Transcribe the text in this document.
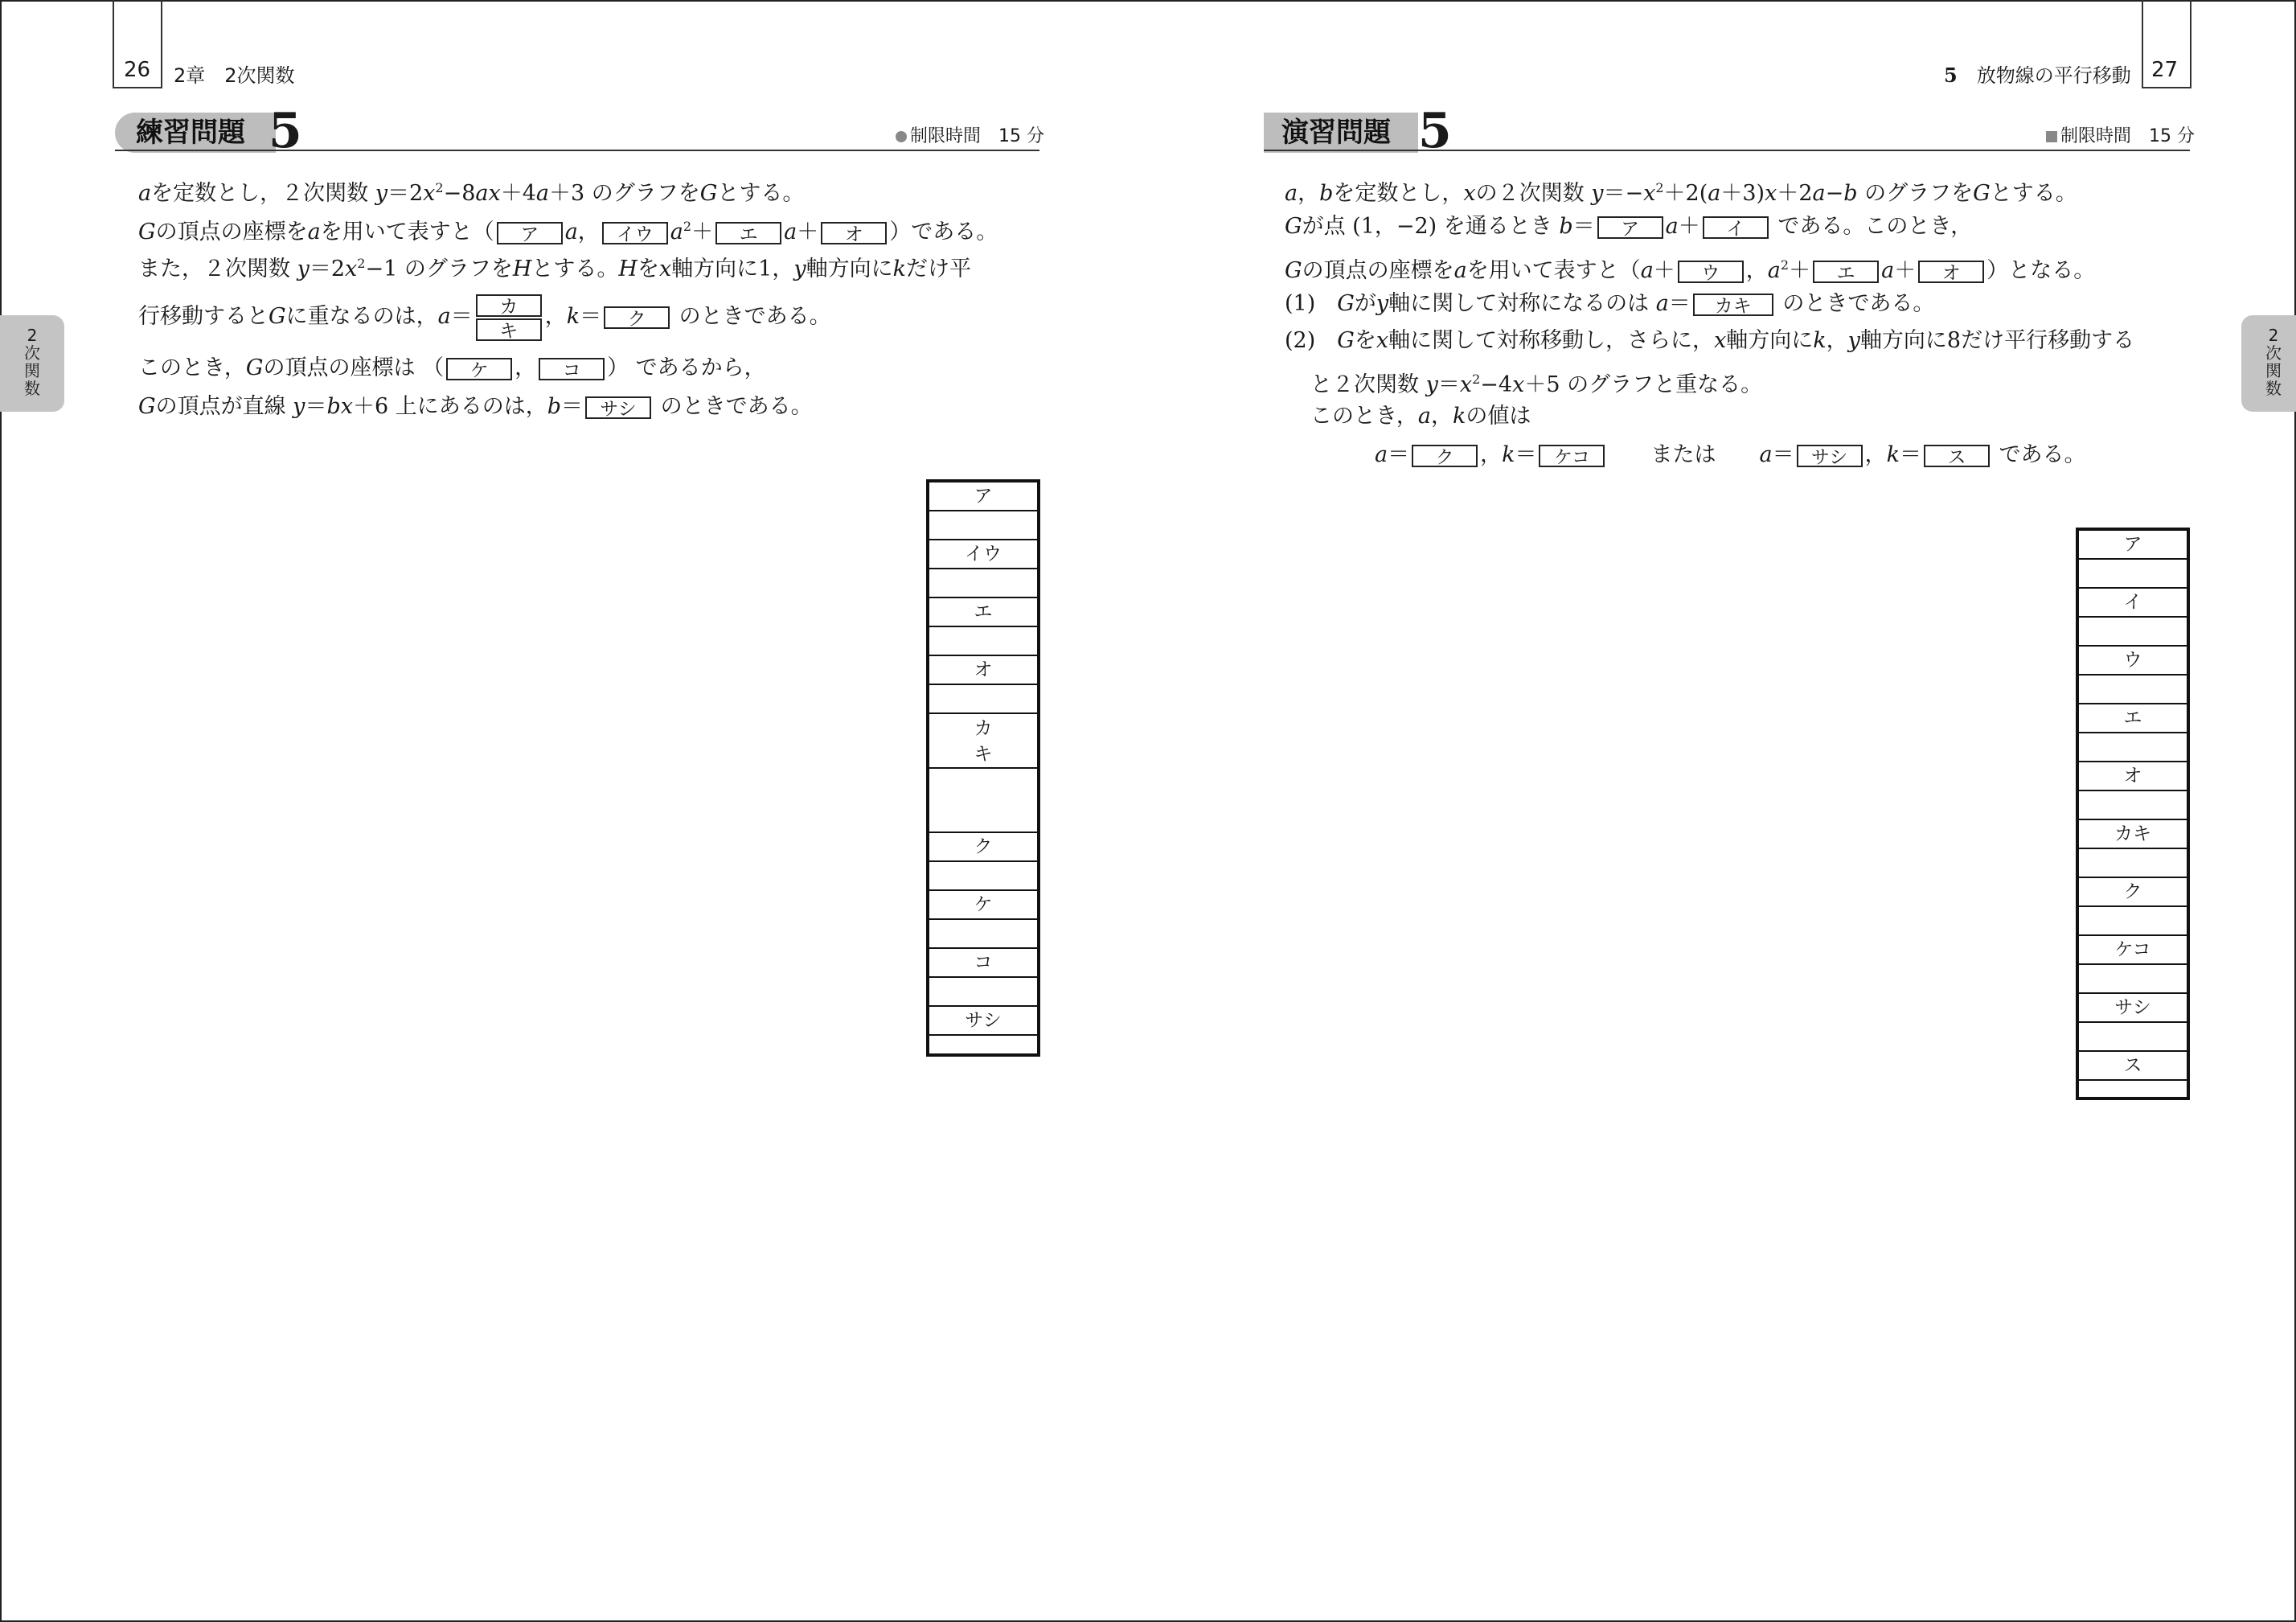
26 2章　2次関数
練習問題 5	制限時間　 15 分
aを定数とし，２次関数 $y=2x^2-8ax+4a+3$ のグラフをGとする。
Gの頂点の座標をaを用いて表すと（ ア a， イウ $a^2+$ エ a＋ オ ）である。
また，２次関数 $y=2x^2-1$ のグラフをHとする。Hをx軸方向に1，y軸方向にkだけ平
行移動するとGに重なるのは，$a= \frac{\text{カ}}{\text{キ}}$ ，k＝ ク のときである。
このとき，Gの頂点の座標は （ ケ ， コ ） であるから，
Gの頂点が直線 y＝bx＋6 上にあるのは，b＝ サシ のときである。
ア
イウ
エ
オ
カ
キ
ク
ケ
コ
サシ
2
次
関
数
27
5　 放物線の平行移動
演習問題 5	制限時間　 15 分
a，bを定数とし，xの２次関数 $y=-x^2+2(a+3)x+2a-b$ のグラフをGとする。
Gが点 (1，−2) を通るとき b＝ ア a＋ イ である。このとき，
Gの頂点の座標をaを用いて表すと（a＋ ウ ，$a^2+$ エ a＋ オ ）となる。
(1)　Gがy軸に関して対称になるのは a＝ カキ のときである。
(2)　Gをx軸に関して対称移動し，さらに，x軸方向にk，y軸方向に8だけ平行移動する
と２次関数 $y=x^2-4x+5$ のグラフと重なる。
このとき，a，kの値は
a＝ ク ，k＝ ケコ　　または　　a＝ サシ ，k＝ ス である。
ア
イ
ウ
エ
オ
カキ
ク
ケコ
サシ
ス
2
次
関
数
